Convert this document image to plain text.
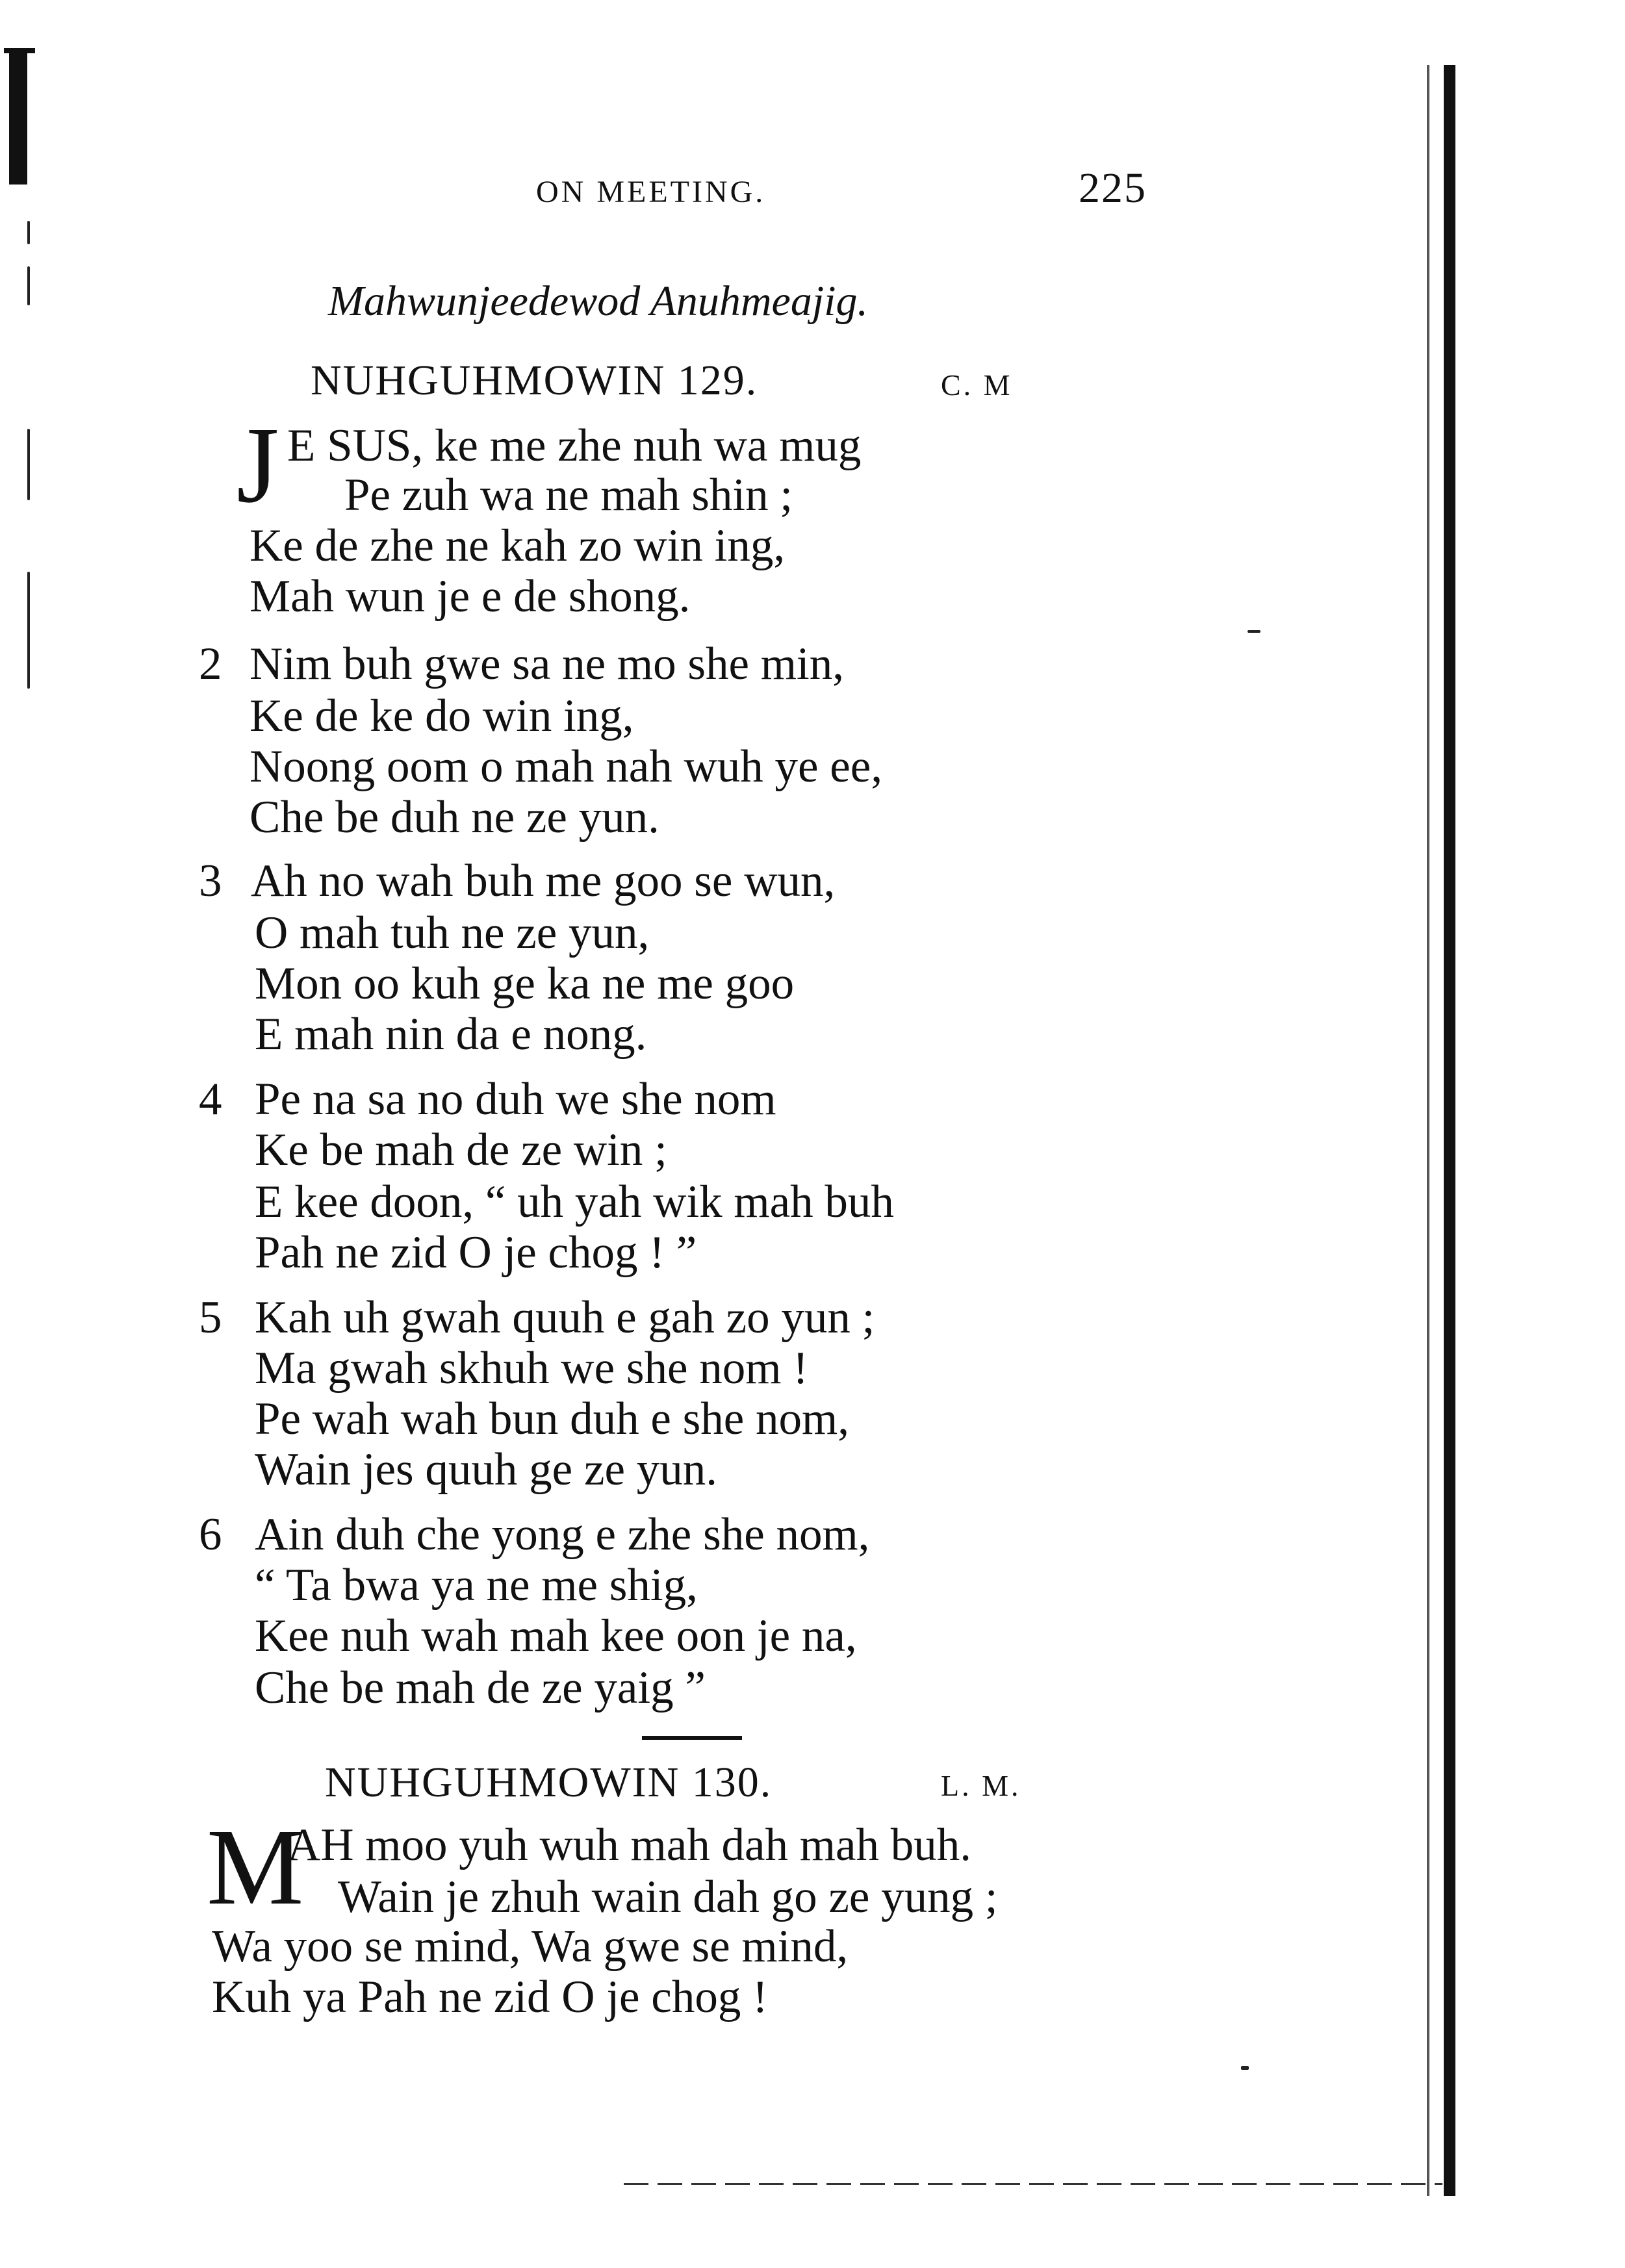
ON MEETING.	225
Mahwunjeedewod Anuhmeajig.
NUHGUHMOWIN 129.	C. M
J E SUS, ke me zhe nuh wa mug
Pe zuh wa ne mah shin ;
Ke de zhe ne kah zo win ing,
Mah wun je e de shong.
2 Nim buh gwe sa ne mo she min,
Ke de ke do win ing,
Noong oom o mah nah wuh ye ee,
Che be duh ne ze yun.
3 Ah no wah buh me goo se wun,
O mah tuh ne ze yun,
Mon oo kuh ge ka ne me goo
E mah nin da e nong.
4 Pe na sa no duh we she nom
Ke be mah de ze win ;
E kee doon, “ uh yah wik mah buh
Pah ne zid O je chog ! ”
5 Kah uh gwah quuh e gah zo yun ;
Ma gwah skhuh we she nom !
Pe wah wah bun duh e she nom,
Wain jes quuh ge ze yun.
6 Ain duh che yong e zhe she nom,
“ Ta bwa ya ne me shig,
Kee nuh wah mah kee oon je na,
Che be mah de ze yaig ”
NUHGUHMOWIN 130.	L. M.
M
AH moo yuh wuh mah dah mah buh.
Wain je zhuh wain dah go ze yung ;
Wa yoo se mind, Wa gwe se mind,
Kuh ya Pah ne zid O je chog !
